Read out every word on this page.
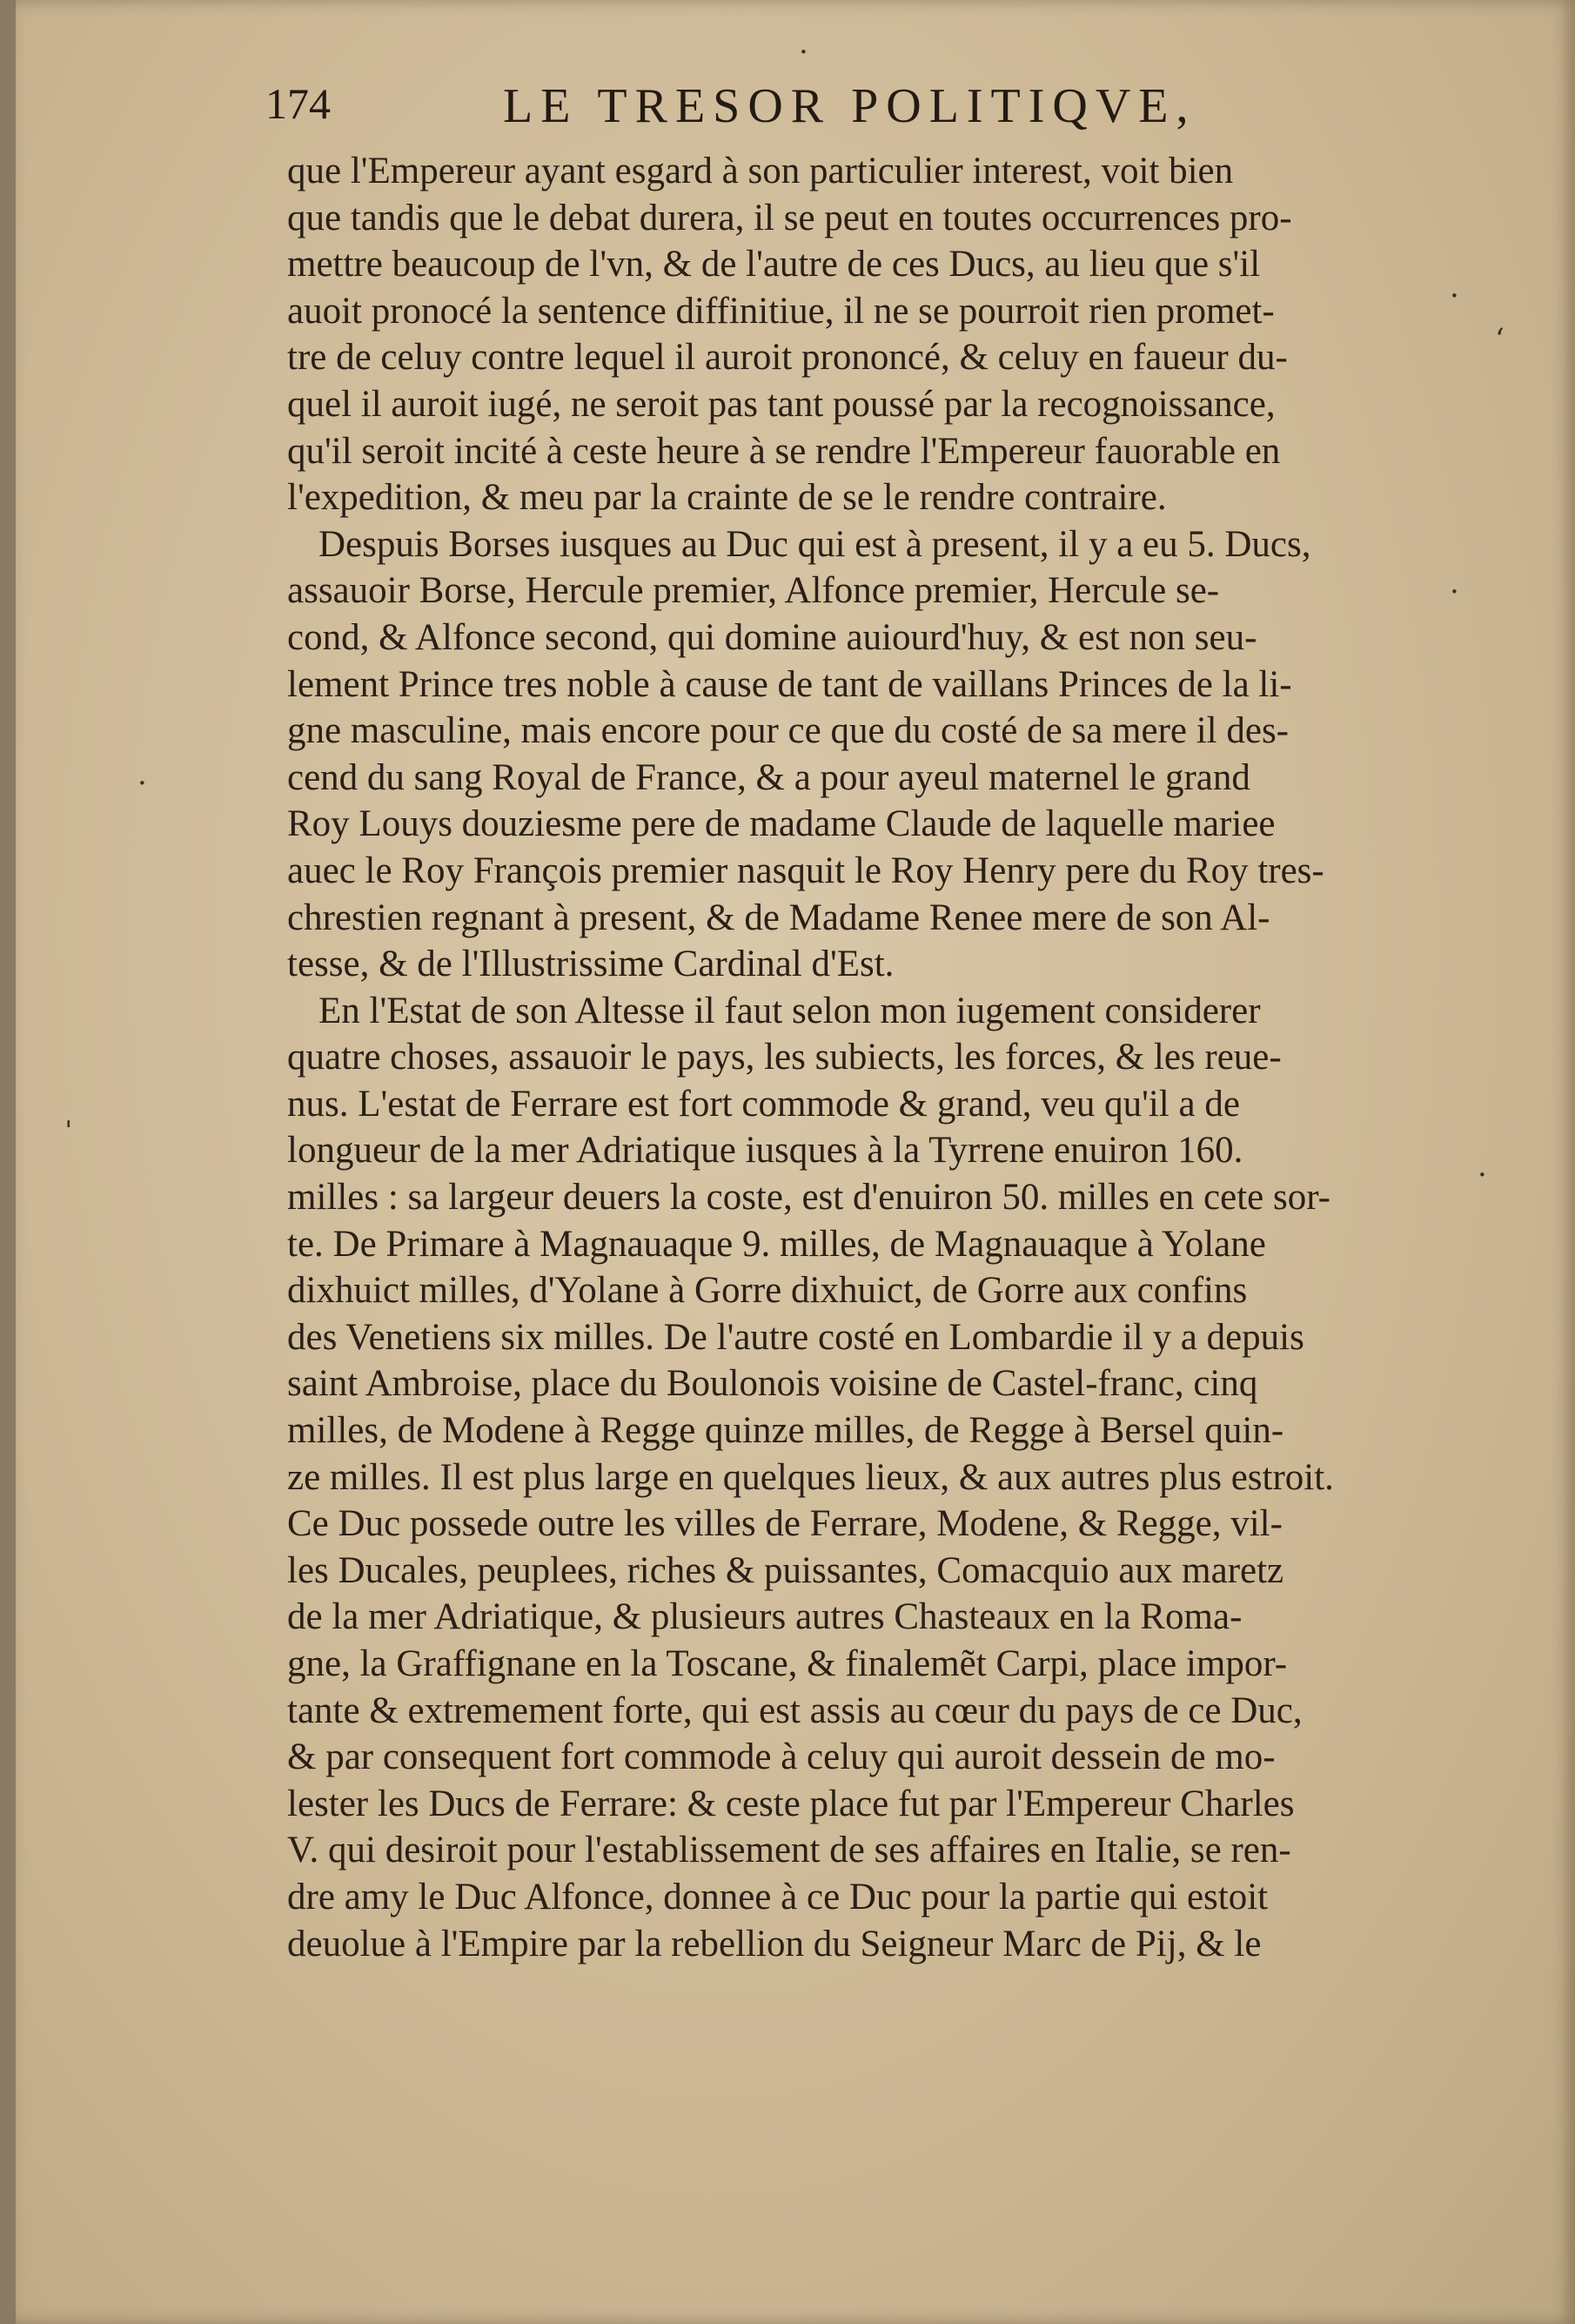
174	LE TRESOR POLITIQVE,
que l'Empereur ayant esgard à son particulier interest, voit bien
que tandis que le debat durera, il se peut en toutes occurrences pro-
mettre beaucoup de l'vn, & de l'autre de ces Ducs, au lieu que s'il
auoit pronocé la sentence diffinitiue, il ne se pourroit rien promet-
tre de celuy contre lequel il auroit prononcé, & celuy en faueur du-
quel il auroit iugé, ne seroit pas tant poussé par la recognoissance,
qu'il seroit incité à ceste heure à se rendre l'Empereur fauorable en
l'expedition, & meu par la crainte de se le rendre contraire.
Despuis Borses iusques au Duc qui est à present, il y a eu 5. Ducs,
assauoir Borse, Hercule premier, Alfonce premier, Hercule se-
cond, & Alfonce second, qui domine auiourd'huy, & est non seu-
lement Prince tres noble à cause de tant de vaillans Princes de la li-
gne masculine, mais encore pour ce que du costé de sa mere il des-
cend du sang Royal de France, & a pour ayeul maternel le grand
Roy Louys douziesme pere de madame Claude de laquelle mariee
auec le Roy François premier nasquit le Roy Henry pere du Roy tres-
chrestien regnant à present, & de Madame Renee mere de son Al-
tesse, & de l'Illustrissime Cardinal d'Est.
En l'Estat de son Altesse il faut selon mon iugement considerer
quatre choses, assauoir le pays, les subiects, les forces, & les reue-
nus. L'estat de Ferrare est fort commode & grand, veu qu'il a de
longueur de la mer Adriatique iusques à la Tyrrene enuiron 160.
milles : sa largeur deuers la coste, est d'enuiron 50. milles en cete sor-
te. De Primare à Magnauaque 9. milles, de Magnauaque à Yolane
dixhuict milles, d'Yolane à Gorre dixhuict, de Gorre aux confins
des Venetiens six milles. De l'autre costé en Lombardie il y a depuis
saint Ambroise, place du Boulonois voisine de Castel-franc, cinq
milles, de Modene à Regge quinze milles, de Regge à Bersel quin-
ze milles. Il est plus large en quelques lieux, & aux autres plus estroit.
Ce Duc possede outre les villes de Ferrare, Modene, & Regge, vil-
les Ducales, peuplees, riches & puissantes, Comacquio aux maretz
de la mer Adriatique, & plusieurs autres Chasteaux en la Roma-
gne, la Graffignane en la Toscane, & finalemẽt Carpi, place impor-
tante & extremement forte, qui est assis au cœur du pays de ce Duc,
& par consequent fort commode à celuy qui auroit dessein de mo-
lester les Ducs de Ferrare: & ceste place fut par l'Empereur Charles
V. qui desiroit pour l'establissement de ses affaires en Italie, se ren-
dre amy le Duc Alfonce, donnee à ce Duc pour la partie qui estoit
deuolue à l'Empire par la rebellion du Seigneur Marc de Pij, & le
·
‘
·
·
ˌ
·
·
